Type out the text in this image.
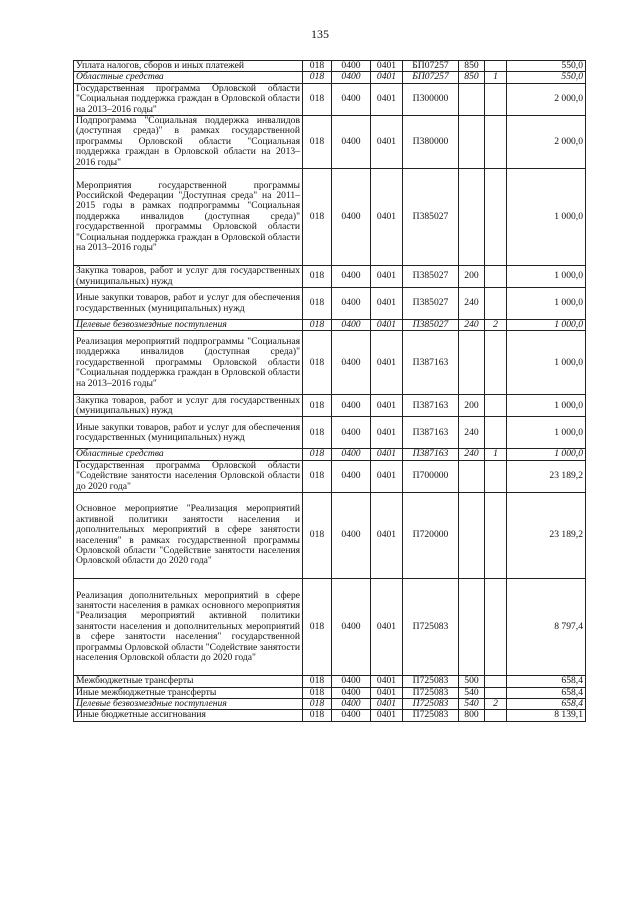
135
Уплата налогов, сборов и иных платежей	018	0400	0401	БП07257	850		550,0
Областные средства	018	0400	0401	БП07257	850	1	550,0
Государственная программа Орловской области "Социальная поддержка граждан в Орловской области на 2013–2016 годы"	018	0400	0401	П300000			2 000,0
Подпрограмма "Социальная поддержка инвалидов (доступная среда)" в рамках государственной программы Орловской области "Социальная поддержка граждан в Орловской области на 2013–2016 годы"	018	0400	0401	П380000			2 000,0
Мероприятия государственной программы Российской Федерации "Доступная среда" на 2011–2015 годы в рамках подпрограммы "Социальная поддержка инвалидов (доступная среда)" государственной программы Орловской области "Социальная поддержка граждан в Орловской области на 2013–2016 годы"	018	0400	0401	П385027			1 000,0
Закупка товаров, работ и услуг для государственных (муниципальных) нужд	018	0400	0401	П385027	200		1 000,0
Иные закупки товаров, работ и услуг для обеспечения государственных (муниципальных) нужд	018	0400	0401	П385027	240		1 000,0
Целевые безвозмездные поступления	018	0400	0401	П385027	240	2	1 000,0
Реализация мероприятий подпрограммы "Социальная поддержка инвалидов (доступная среда)" государственной программы Орловской области "Социальная поддержка граждан в Орловской области на 2013–2016 годы"	018	0400	0401	П387163			1 000,0
Закупка товаров, работ и услуг для государственных (муниципальных) нужд	018	0400	0401	П387163	200		1 000,0
Иные закупки товаров, работ и услуг для обеспечения государственных (муниципальных) нужд	018	0400	0401	П387163	240		1 000,0
Областные средства	018	0400	0401	П387163	240	1	1 000,0
Государственная программа Орловской области "Содействие занятости населения Орловской области до 2020 года"	018	0400	0401	П700000			23 189,2
Основное мероприятие "Реализация мероприятий активной политики занятости населения и дополнительных мероприятий в сфере занятости населения" в рамках государственной программы Орловской области "Содействие занятости населения Орловской области до 2020 года"	018	0400	0401	П720000			23 189,2
Реализация дополнительных мероприятий в сфере занятости населения в рамках основного мероприятия "Реализация мероприятий активной политики занятости населения и дополнительных мероприятий в сфере занятости населения" государственной программы Орловской области "Содействие занятости населения Орловской области до 2020 года"	018	0400	0401	П725083			8 797,4
Межбюджетные трансферты	018	0400	0401	П725083	500		658,4
Иные межбюджетные трансферты	018	0400	0401	П725083	540		658,4
Целевые безвозмездные поступления	018	0400	0401	П725083	540	2	658,4
Иные бюджетные ассигнования	018	0400	0401	П725083	800		8 139,1
